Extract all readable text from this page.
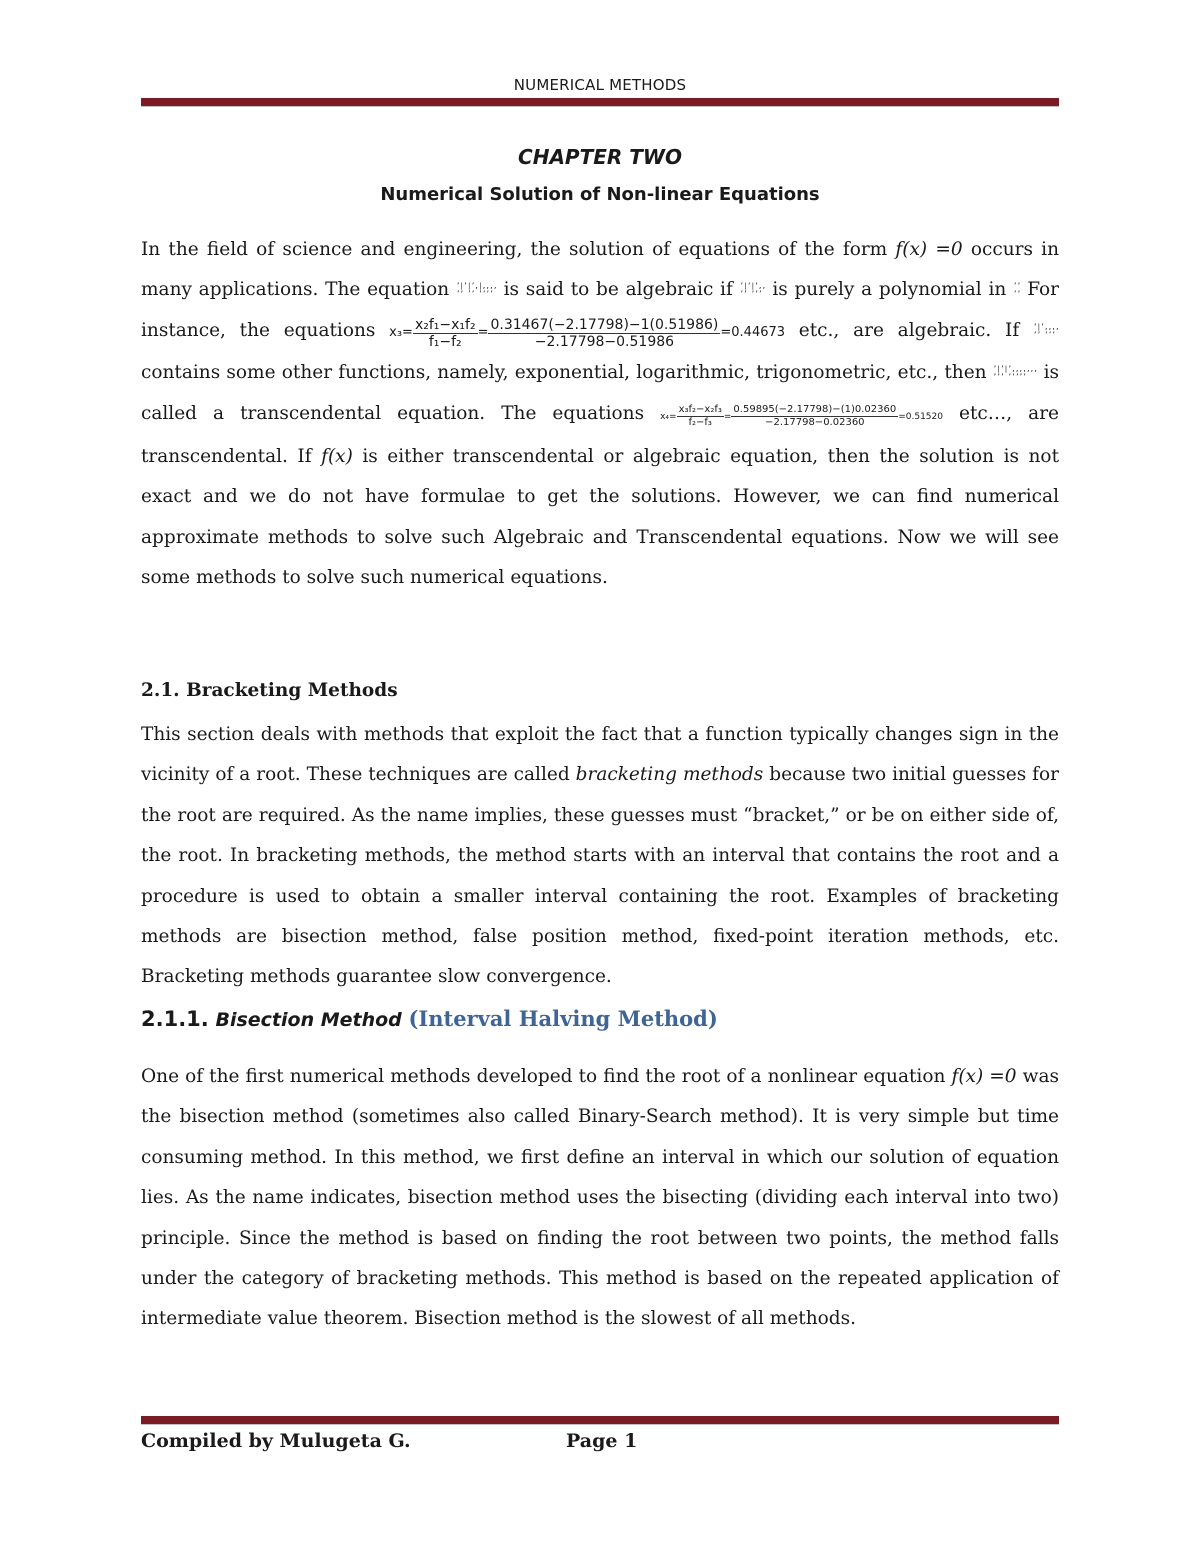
NUMERICAL METHODS
CHAPTER TWO
Numerical Solution of Non-linear Equations
In the field of science and engineering, the solution of equations of the form f(x) =0 occurs in many applications. The equation ʼ|ʼ|ʼ,|,,,,
ʼʼ ʼʼ ʼʼʼʼ is said to be algebraic if ʼ|ʼ|ʼ,,
ʼʼ ʼʼʼ is purely a polynomial in ʼʼ
ʼʼ For instance, the equations $x_3= \frac{\text{x₂f₁−x₁f₂}}{\text{f₁−f₂}} = \frac{0.31467(-2.17798)-1(0.51986)}{-2.17798-0.51986} =0.44673$ etc., are algebraic. If ʼ|ʼ,,,,
ʼʼ ʼʼʼ contains some other functions, namely, exponential, logarithmic, trigonometric, etc., then ʼ|ʼ|ʼ,,,,,,,
ʼʼʼ ʼʼʼʼʼ is called a transcendental equation. The equations $x_4= \frac{\text{x₃f₂−x₂f₃}}{\text{f₂−f₃}} = \frac{0.59895(-2.17798)-(1)0.02360}{-2.17798-0.02360} =0.51520$ etc…, are transcendental. If f(x) is either transcendental or algebraic equation, then the solution is not exact and we do not have formulae to get the solutions. However, we can find numerical approximate methods to solve such Algebraic and Transcendental equations. Now we will see some methods to solve such numerical equations.
2.1. Bracketing Methods
This section deals with methods that exploit the fact that a function typically changes sign in the vicinity of a root. These techniques are called bracketing methods because two initial guesses for the root are required. As the name implies, these guesses must “bracket,” or be on either side of, the root. In bracketing methods, the method starts with an interval that contains the root and a procedure is used to obtain a smaller interval containing the root. Examples of bracketing methods are bisection method, false position method, fixed-point iteration methods, etc. Bracketing methods guarantee slow convergence.
2.1.1. Bisection Method (Interval Halving Method)
One of the first numerical methods developed to find the root of a nonlinear equation f(x) =0 was the bisection method (sometimes also called Binary-Search method). It is very simple but time consuming method. In this method, we first define an interval in which our solution of equation lies. As the name indicates, bisection method uses the bisecting (dividing each interval into two) principle. Since the method is based on finding the root between two points, the method falls under the category of bracketing methods. This method is based on the repeated application of intermediate value theorem. Bisection method is the slowest of all methods.
Compiled by Mulugeta G.	Page 1
